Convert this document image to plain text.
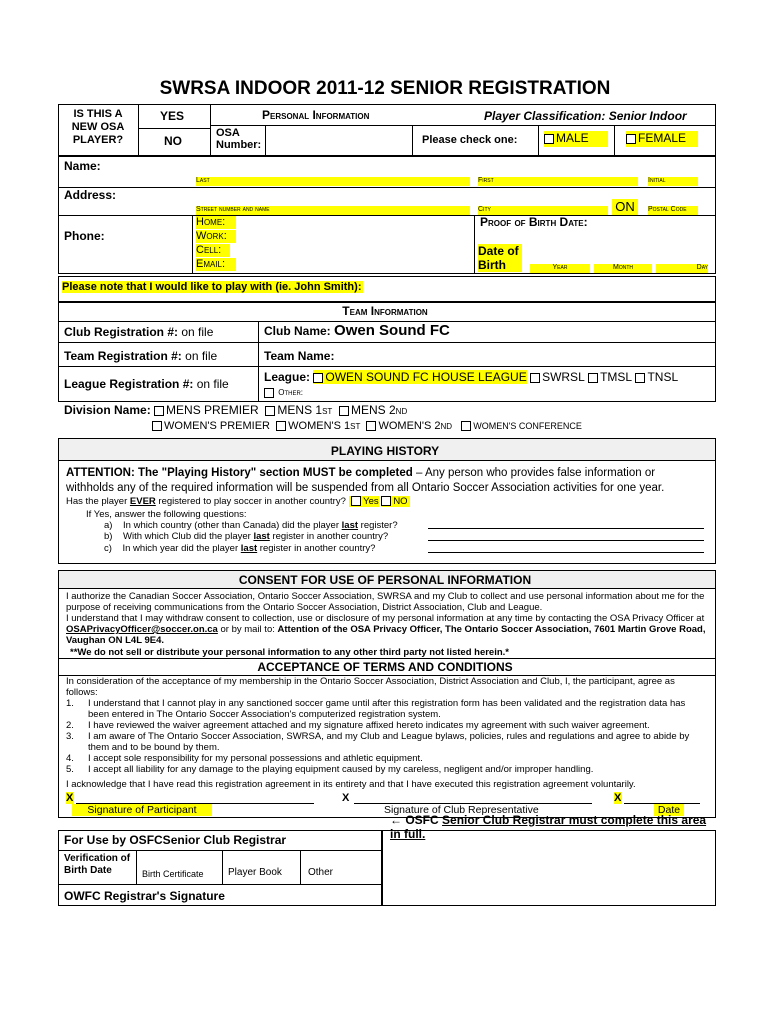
SWRSA INDOOR 2011-12 SENIOR REGISTRATION
IS THIS A NEW OSA PLAYER?
YES
NO
Personal Information
OSA Number:
Player Classification: Senior Indoor
Please check one:	MALE	FEMALE
Name:
Last	First	Initial
Address:
Street number and name	City	ON	Postal Code
Phone:
Home:
Work:
Cell:
Email:
Proof of Birth Date:
Date of Birth	Year	Month	Day
Please note that I would like to play with (ie. John Smith):
Team Information
Club Registration #: on file	Club Name: Owen Sound FC
Team Registration #: on file	Team Name:
League Registration #: on file	League: OWEN SOUND FC HOUSE LEAGUE SWRSL TMSL TNSL
Other:
Division Name: MENS PREMIER MENS 1st MENS 2nd
WOMEN'S PREMIER WOMEN'S 1st WOMEN'S 2nd WOMEN'S CONFERENCE
PLAYING HISTORY
ATTENTION: The "Playing History" section MUST be completed – Any person who provides false information or withholds any of the required information will be suspended from all Ontario Soccer Association activities for one year.
Has the player EVER registered to play soccer in another country? Yes NO
If Yes, answer the following questions:
a) In which country (other than Canada) did the player last register?
b) With which Club did the player last register in another country?
c) In which year did the player last register in another country?
CONSENT FOR USE OF PERSONAL INFORMATION
I authorize the Canadian Soccer Association, Ontario Soccer Association, SWRSA and my Club to collect and use personal information about me for the purpose of receiving communications from the Ontario Soccer Association, District Association, Club and League.
I understand that I may withdraw consent to collection, use or disclosure of my personal information at any time by contacting the OSA Privacy Officer at OSAPrivacyOfficer@soccer.on.ca or by mail to: Attention of the OSA Privacy Officer, The Ontario Soccer Association, 7601 Martin Grove Road, Vaughan ON L4L 9E4.
**We do not sell or distribute your personal information to any other third party not listed herein.*
ACCEPTANCE OF TERMS AND CONDITIONS
In consideration of the acceptance of my membership in the Ontario Soccer Association, District Association and Club, I, the participant, agree as follows:
1.	I understand that I cannot play in any sanctioned soccer game until after this registration form has been validated and the registration data has been entered in The Ontario Soccer Association's computerized registration system.
2.	I have reviewed the waiver agreement attached and my signature affixed hereto indicates my agreement with such waiver agreement.
3.	I am aware of The Ontario Soccer Association, SWRSA, and my Club and League bylaws, policies, rules and regulations and agree to abide by them and to be bound by them.
4.	I accept sole responsibility for my personal possessions and athletic equipment.
5.	I accept all liability for any damage to the playing equipment caused by my careless, negligent and/or improper handling.
I acknowledge that I have read this registration agreement in its entirety and that I have executed this registration agreement voluntarily.
X
Signature of Participant
X
Signature of Club Representative
X
Date
For Use by OSFCSenior Club Registrar
Verification of Birth Date	Birth Certificate Player Book	Other
OWFC Registrar's Signature
← OSFC Senior Club Registrar must complete this area in full.
